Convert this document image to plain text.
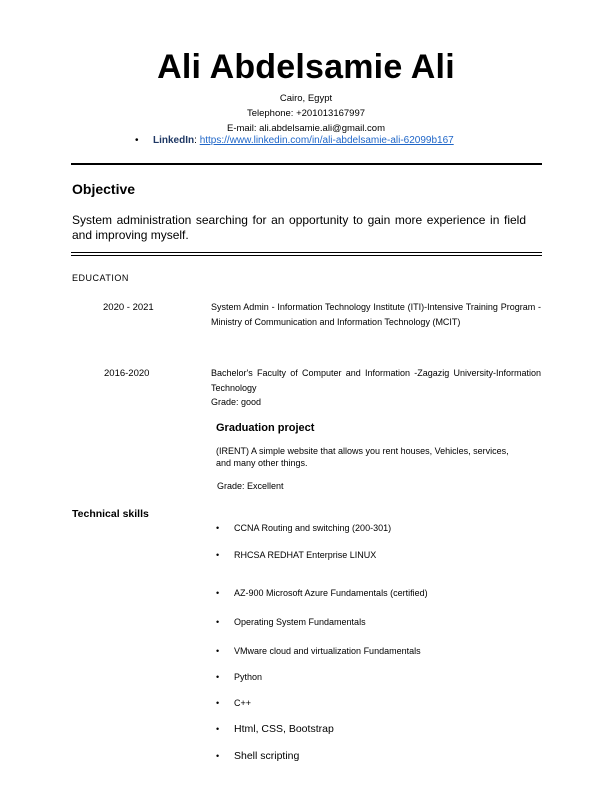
Ali Abdelsamie Ali
Cairo, Egypt
Telephone: +201013167997
E-mail: ali.abdelsamie.ali@gmail.com
• LinkedIn: https://www.linkedin.com/in/ali-abdelsamie-ali-62099b167
Objective
System administration searching for an opportunity to gain more experience in field and improving myself.
EDUCATION
2020 - 2021	System Admin - Information Technology Institute (ITI)-Intensive Training Program - Ministry of Communication and Information Technology (MCIT)
2016-2020	Bachelor's Faculty of Computer and Information -Zagazig University-Information Technology
Grade: good
Graduation project
(IRENT) A simple website that allows you rent houses, Vehicles, services, and many other things.
Grade: Excellent
Technical skills
• CCNA Routing and switching (200-301)
• RHCSA REDHAT Enterprise LINUX
• AZ-900 Microsoft Azure Fundamentals (certified)
• Operating System Fundamentals
• VMware cloud and virtualization Fundamentals
• Python
• C++
• Html, CSS, Bootstrap
• Shell scripting
